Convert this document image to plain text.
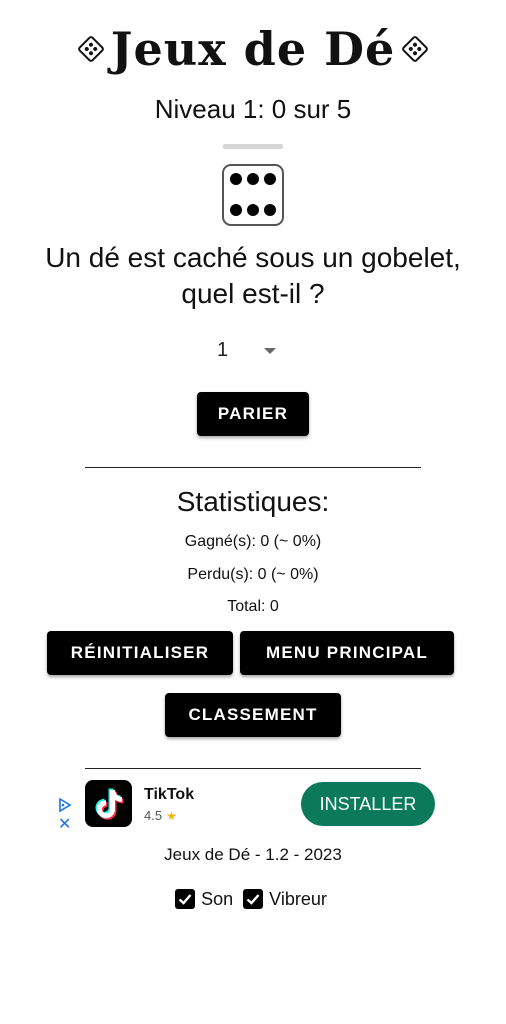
Jeux de Dé
Niveau 1: 0 sur 5
Un dé est caché sous un gobelet,
quel est-il ?
1
PARIER
Statistiques:
Gagné(s): 0 (~ 0%)
Perdu(s): 0 (~ 0%)
Total: 0
RÉINITIALISER	MENU PRINCIPAL
CLASSEMENT
✕
TikTok
4.5 ★
INSTALLER
Jeux de Dé - 1.2 - 2023
Son Vibreur
